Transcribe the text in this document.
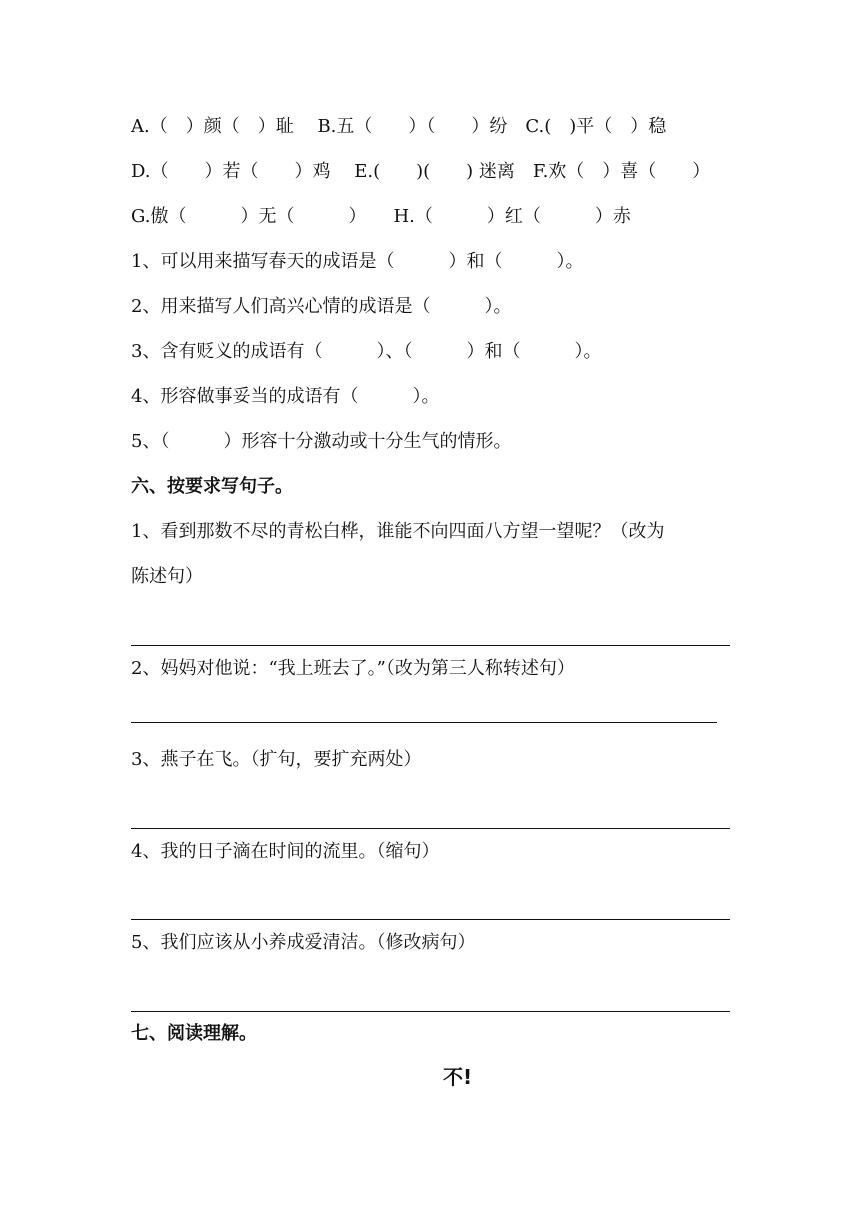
A.（　）颜（　）耻　 B.五（　　）（　　）纷　C.(　)平（　）稳
D.（　　）若（　　）鸡　 E.(　　)(　　) 迷离　F.欢（　）喜（　　）
G.傲（　　　）无（　　　）　　H.（　　　）红（　　　）赤
1、可以用来描写春天的成语是（　　　）和（　　　）。
2、用来描写人们高兴心情的成语是（　　　）。
3、含有贬义的成语有（　　　）、（　　　）和（　　　）。
4、形容做事妥当的成语有（　　　）。
5、（　　　）形容十分激动或十分生气的情形。
六、按要求写句子。
1、看到那数不尽的青松白桦，谁能不向四面八方望一望呢？（改为
陈述句）
2、妈妈对他说：“我上班去了。”（改为第三人称转述句）
3、燕子在飞。（扩句，要扩充两处）
4、我的日子滴在时间的流里。（缩句）
5、我们应该从小养成爱清洁。（修改病句）
七、阅读理解。
不!
